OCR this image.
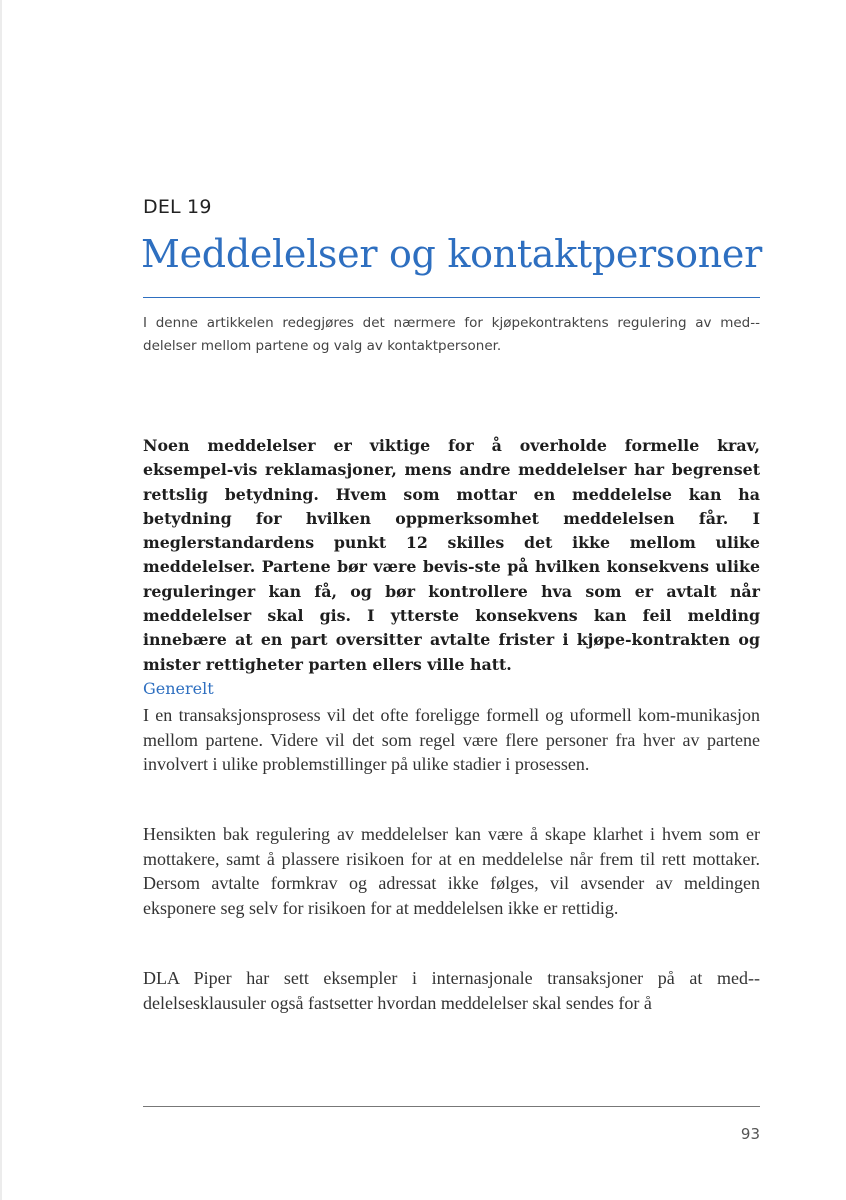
DEL 19
Meddelelser og kontaktpersoner
I denne artikkelen redegjøres det nærmere for kjøpekontraktens regulering av med-delelser mellom partene og valg av kontaktpersoner.
Noen meddelelser er viktige for å overholde formelle krav, eksempel-vis reklamasjoner, mens andre meddelelser har begrenset rettslig betydning. Hvem som mottar en meddelelse kan ha betydning for hvilken oppmerksomhet meddelelsen får. I meglerstandardens punkt 12 skilles det ikke mellom ulike meddelelser. Partene bør være bevis-ste på hvilken konsekvens ulike reguleringer kan få, og bør kontrollere hva som er avtalt når meddelelser skal gis. I ytterste konsekvens kan feil melding innebære at en part oversitter avtalte frister i kjøpe-kontrakten og mister rettigheter parten ellers ville hatt.
Generelt
I en transaksjonsprosess vil det ofte foreligge formell og uformell kom-munikasjon mellom partene. Videre vil det som regel være flere personer fra hver av partene involvert i ulike problemstillinger på ulike stadier i prosessen.
Hensikten bak regulering av meddelelser kan være å skape klarhet i hvem som er mottakere, samt å plassere risikoen for at en meddelelse når frem til rett mottaker. Dersom avtalte formkrav og adressat ikke følges, vil avsender av meldingen eksponere seg selv for risikoen for at meddelelsen ikke er rettidig.
DLA Piper har sett eksempler i internasjonale transaksjoner på at med-delelsesklausuler også fastsetter hvordan meddelelser skal sendes for å
93
